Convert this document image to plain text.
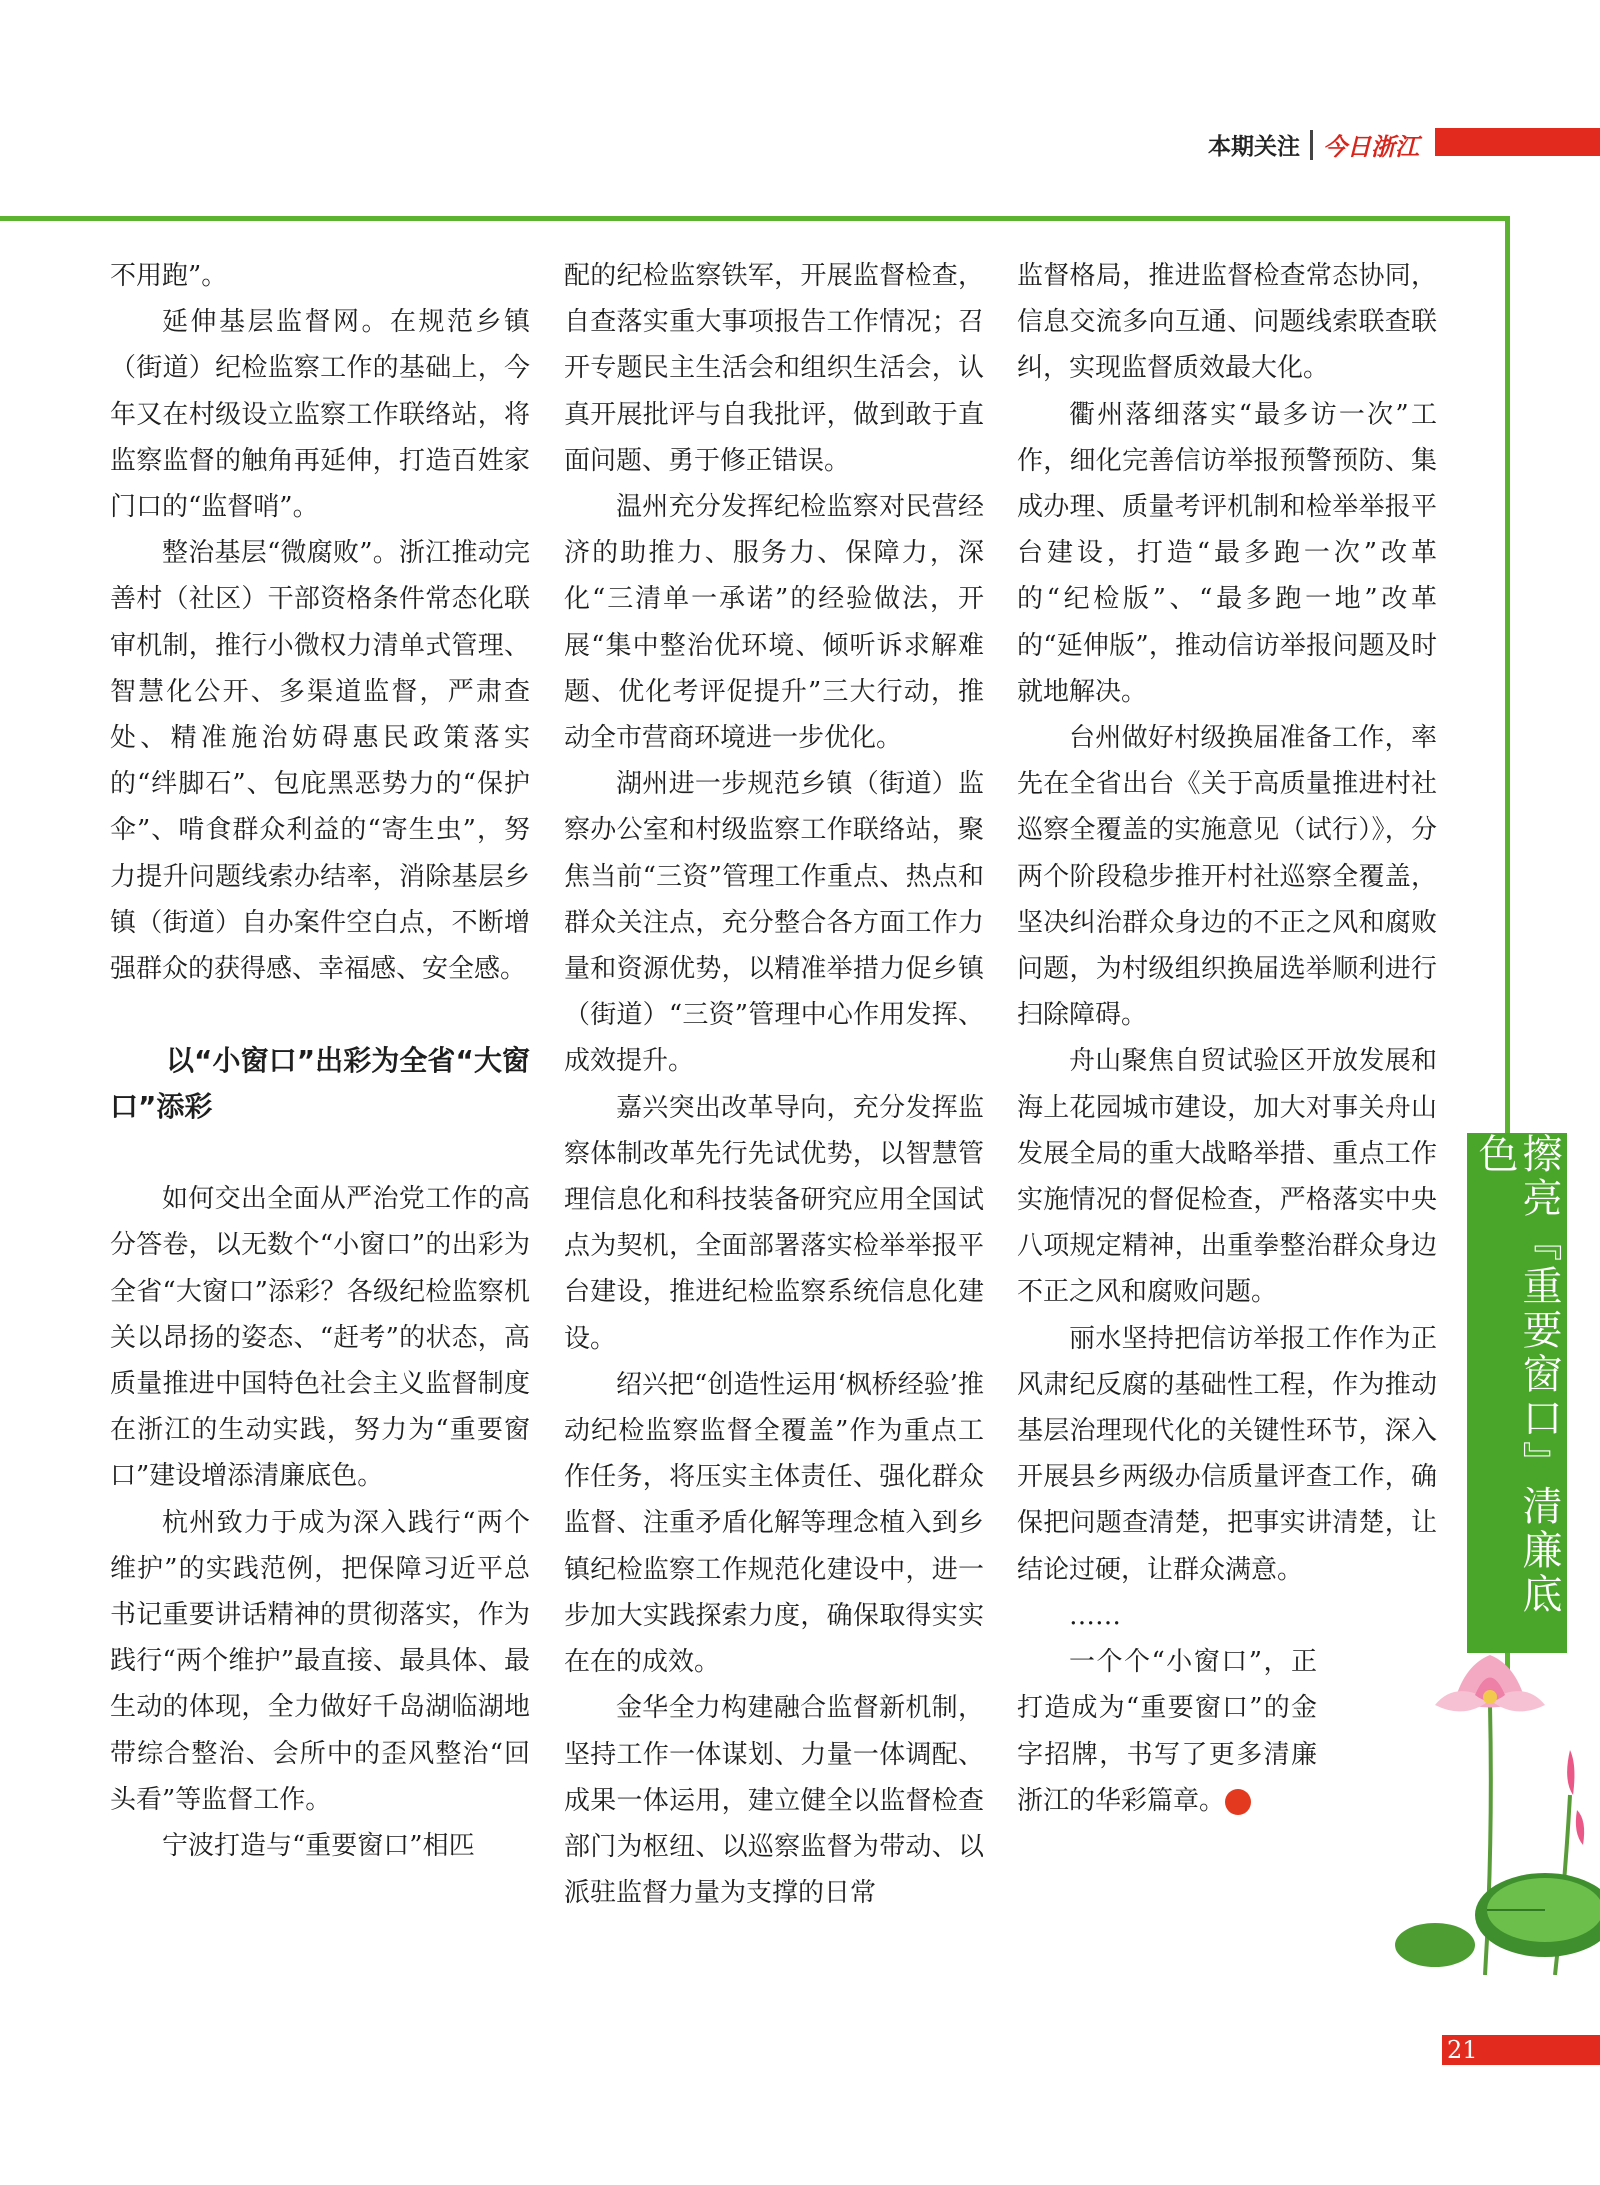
本期关注 今日浙江

不用跑”。

延伸基层监督网。在规范乡镇（街道）纪检监察工作的基础上，今年又在村级设立监察工作联络站，将监察监督的触角再延伸，打造百姓家门口的“监督哨”。

整治基层“微腐败”。浙江推动完善村（社区）干部资格条件常态化联审机制，推行小微权力清单式管理、智慧化公开、多渠道监督，严肃查处、精准施治妨碍惠民政策落实的“绊脚石”、包庇黑恶势力的“保护伞”、啃食群众利益的“寄生虫”，努力提升问题线索办结率，消除基层乡镇（街道）自办案件空白点，不断增强群众的获得感、幸福感、安全感。

以“小窗口”出彩为全省“大窗口”添彩

如何交出全面从严治党工作的高分答卷，以无数个“小窗口”的出彩为全省“大窗口”添彩？各级纪检监察机关以昂扬的姿态、“赶考”的状态，高质量推进中国特色社会主义监督制度在浙江的生动实践，努力为“重要窗口”建设增添清廉底色。

杭州致力于成为深入践行“两个维护”的实践范例，把保障习近平总书记重要讲话精神的贯彻落实，作为践行“两个维护”最直接、最具体、最生动的体现，全力做好千岛湖临湖地带综合整治、会所中的歪风整治“回头看”等监督工作。

宁波打造与“重要窗口”相匹

配的纪检监察铁军，开展监督检查，自查落实重大事项报告工作情况；召开专题民主生活会和组织生活会，认真开展批评与自我批评，做到敢于直面问题、勇于修正错误。

温州充分发挥纪检监察对民营经济的助推力、服务力、保障力，深化“三清单一承诺”的经验做法，开展“集中整治优环境、倾听诉求解难题、优化考评促提升”三大行动，推动全市营商环境进一步优化。

湖州进一步规范乡镇（街道）监察办公室和村级监察工作联络站，聚焦当前“三资”管理工作重点、热点和群众关注点，充分整合各方面工作力量和资源优势，以精准举措力促乡镇（街道）“三资”管理中心作用发挥、成效提升。

嘉兴突出改革导向，充分发挥监察体制改革先行先试优势，以智慧管理信息化和科技装备研究应用全国试点为契机，全面部署落实检举举报平台建设，推进纪检监察系统信息化建设。

绍兴把“创造性运用‘枫桥经验’推动纪检监察监督全覆盖”作为重点工作任务，将压实主体责任、强化群众监督、注重矛盾化解等理念植入到乡镇纪检监察工作规范化建设中，进一步加大实践探索力度，确保取得实实在在的成效。

金华全力构建融合监督新机制，坚持工作一体谋划、力量一体调配、成果一体运用，建立健全以监督检查部门为枢纽、以巡察监督为带动、以派驻监督力量为支撑的日常

监督格局，推进监督检查常态协同，信息交流多向互通、问题线索联查联纠，实现监督质效最大化。

衢州落细落实“最多访一次”工作，细化完善信访举报预警预防、集成办理、质量考评机制和检举举报平台建设，打造“最多跑一次”改革的“纪检版”、“最多跑一地”改革的“延伸版”，推动信访举报问题及时就地解决。

台州做好村级换届准备工作，率先在全省出台《关于高质量推进村社巡察全覆盖的实施意见（试行）》，分两个阶段稳步推开村社巡察全覆盖，坚决纠治群众身边的不正之风和腐败问题，为村级组织换届选举顺利进行扫除障碍。

舟山聚焦自贸试验区开放发展和海上花园城市建设，加大对事关舟山发展全局的重大战略举措、重点工作实施情况的督促检查，严格落实中央八项规定精神，出重拳整治群众身边不正之风和腐败问题。

丽水坚持把信访举报工作作为正风肃纪反腐的基础性工程，作为推动基层治理现代化的关键性环节，深入开展县乡两级办信质量评查工作，确保把问题查清楚，把事实讲清楚，让结论过硬，让群众满意。

……

一个个“小窗口”，正打造成为“重要窗口”的金字招牌，书写了更多清廉浙江的华彩篇章。	今

擦亮『重要窗口』清廉底色
21
